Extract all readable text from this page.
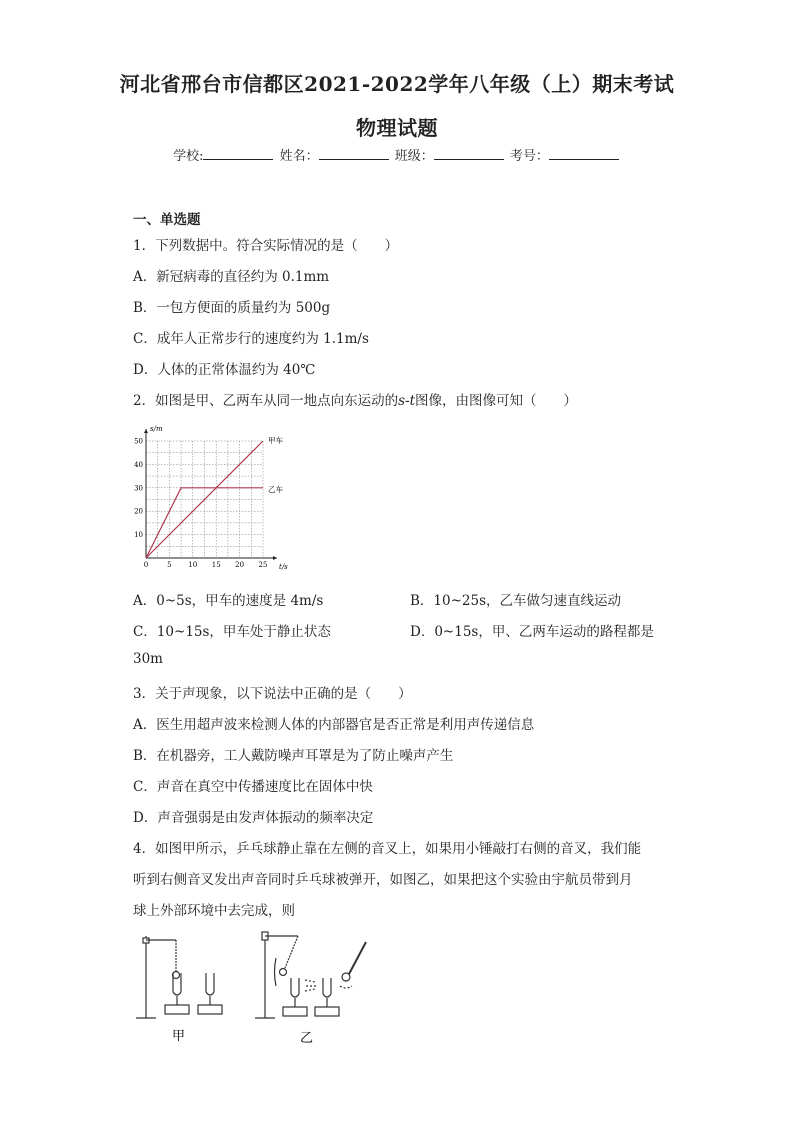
河北省邢台市信都区2021-2022学年八年级（上）期末考试
物理试题
学校:	姓名：	班级：	考号：
一、单选题
1．下列数据中。符合实际情况的是（　　）
A．新冠病毒的直径约为 0.1mm
B．一包方便面的质量约为 500g
C．成年人正常步行的速度约为 1.1m/s
D．人体的正常体温约为 40℃
2．如图是甲、乙两车从同一地点向东运动的s-t图像，由图像可知（　　）
0	5 10 15 20 25
10
20
30
40
50
s/m
t/s
甲车
乙车
A．0~5s，甲车的速度是 4m/s	B．10~25s，乙车做匀速直线运动
C．10~15s，甲车处于静止状态	D．0~15s，甲、乙两车运动的路程都是
30m
3．关于声现象，以下说法中正确的是（　　）
A．医生用超声波来检测人体的内部器官是否正常是利用声传递信息
B．在机器旁，工人戴防噪声耳罩是为了防止噪声产生
C．声音在真空中传播速度比在固体中快
D．声音强弱是由发声体振动的频率决定
4．如图甲所示，乒乓球静止靠在左侧的音叉上，如果用小锤敲打右侧的音叉，我们能
听到右侧音叉发出声音同时乒乓球被弹开，如图乙，如果把这个实验由宇航员带到月
球上外部环境中去完成，则
甲	乙
